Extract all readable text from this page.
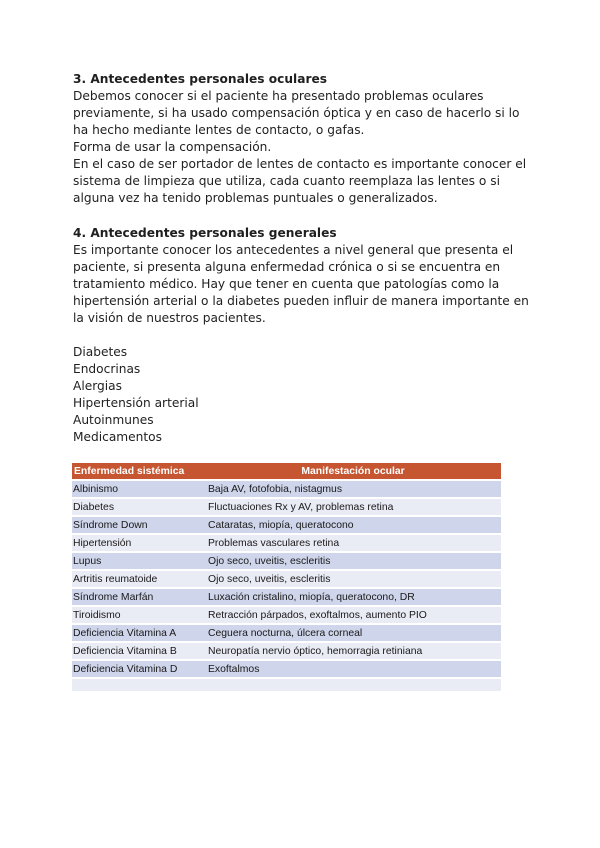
3. Antecedentes personales oculares

Debemos conocer si el paciente ha presentado problemas oculares

previamente, si ha usado compensación óptica y en caso de hacerlo si lo

ha hecho mediante lentes de contacto, o gafas.

Forma de usar la compensación.

En el caso de ser portador de lentes de contacto es importante conocer el

sistema de limpieza que utiliza, cada cuanto reemplaza las lentes o si

alguna vez ha tenido problemas puntuales o generalizados.

4. Antecedentes personales generales

Es importante conocer los antecedentes a nivel general que presenta el

paciente, si presenta alguna enfermedad crónica o si se encuentra en

tratamiento médico. Hay que tener en cuenta que patologías como la

hipertensión arterial o la diabetes pueden influir de manera importante en

la visión de nuestros pacientes.

Diabetes
Endocrinas
Alergias
Hipertensión arterial
Autoinmunes
Medicamentos
Enfermedad sistémica	Manifestación ocular
Albinismo	Baja AV, fotofobia, nistagmus
Diabetes	Fluctuaciones Rx y AV, problemas retina
Síndrome Down	Cataratas, miopía, queratocono
Hipertensión	Problemas vasculares retina
Lupus	Ojo seco, uveitis, escleritis
Artritis reumatoide	Ojo seco, uveitis, escleritis
Síndrome Marfán	Luxación cristalino, miopía, queratocono, DR
Tiroidismo	Retracción párpados, exoftalmos, aumento PIO
Deficiencia Vitamina A	Ceguera nocturna, úlcera corneal
Deficiencia Vitamina B	Neuropatía nervio óptico, hemorragia retiniana
Deficiencia Vitamina D	Exoftalmos
